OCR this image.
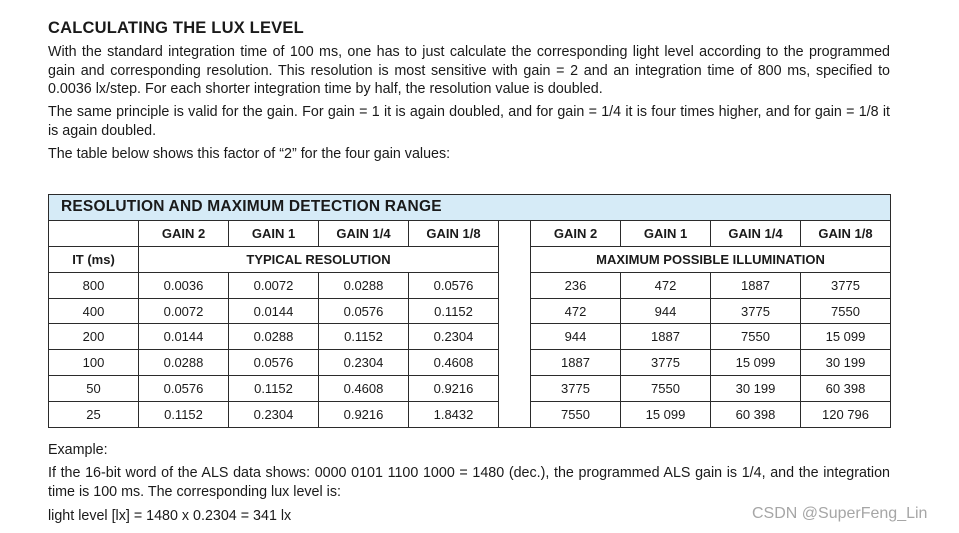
CALCULATING THE LUX LEVEL
With the standard integration time of 100 ms, one has to just calculate the corresponding light level according to the programmed gain and corresponding resolution. This resolution is most sensitive with gain = 2 and an integration time of 800 ms, specified to 0.0036 lx/step. For each shorter integration time by half, the resolution value is doubled.
The same principle is valid for the gain. For gain = 1 it is again doubled, and for gain = 1/4 it is four times higher, and for gain = 1/8 it is again doubled.
The table below shows this factor of “2” for the four gain values:
RESOLUTION AND MAXIMUM DETECTION RANGE									
	GAIN 2	GAIN 1	GAIN 1/4	GAIN 1/8		GAIN 2	GAIN 1	GAIN 1/4	GAIN 1/8
IT (ms)	TYPICAL RESOLUTION					MAXIMUM POSSIBLE ILLUMINATION			
800	0.0036	0.0072	0.0288	0.0576		236	472	1887	3775
400	0.0072	0.0144	0.0576	0.1152		472	944	3775	7550
200	0.0144	0.0288	0.1152	0.2304		944	1887	7550	15 099
100	0.0288	0.0576	0.2304	0.4608		1887	3775	15 099	30 199
50	0.0576	0.1152	0.4608	0.9216		3775	7550	30 199	60 398
25	0.1152	0.2304	0.9216	1.8432		7550	15 099	60 398	120 796
Example:
If the 16-bit word of the ALS data shows: 0000 0101 1100 1000 = 1480 (dec.), the programmed ALS gain is 1/4, and the integration time is 100 ms. The corresponding lux level is:
light level [lx] = 1480 x 0.2304 = 341 lx	CSDN @SuperFeng_Lin
